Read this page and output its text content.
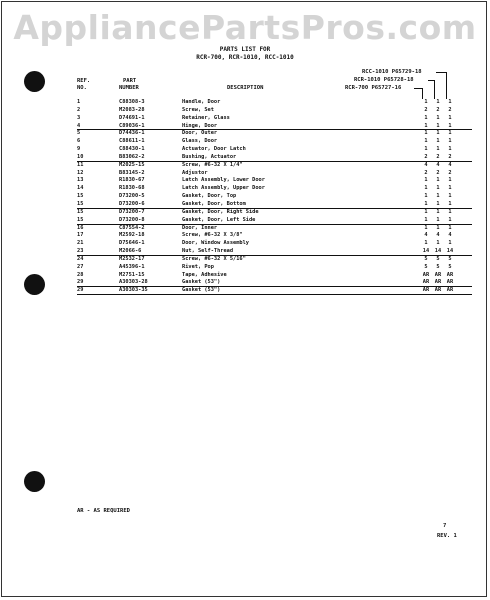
AppliancePartsPros.com
PARTS LIST FOR
RCR-700, RCR-1010, RCC-1010
RCC-1010 P65729-18
RCR-1010 P65728-18
RCR-700 P65727-16
REF.
NO.
PART
NUMBER	DESCRIPTION
1	C88308-3	Handle, Door	1	1	1
2	M2083-28	Screw, Set	2	2	2
3	D74691-1	Retainer, Glass	1	1	1
4	C89036-1	Hinge, Door	1	1	1
5	D74436-1	Door, Outer	1	1	1
6	C88611-1	Glass, Door	1	1	1
9	C88430-1	Actuator, Door Latch	1	1	1
10	B83062-2	Bushing, Actuator	2	2	2
11	M2025-15	Screw, #6-32 X 1/4"	4	4	4
12	B83145-2	Adjustor	2	2	2
13	R1830-67	Latch Assembly, Lower Door	1	1	1
14	R1830-68	Latch Assembly, Upper Door	1	1	1
15	D73200-5	Gasket, Door, Top	1	1	1
15	D73200-6	Gasket, Door, Bottom	1	1	1
15	D73200-7	Gasket, Door, Right Side	1	1	1
15	D73200-8	Gasket, Door, Left Side	1	1	1
16	C87554-2	Door, Inner	1	1	1
17	M2592-18	Screw, #6-32 X 3/8"	4	4	4
21	D75646-1	Door, Window Assembly	1	1	1
23	M2066-6	Nut, Self-Thread	14	14	14
24	M2532-17	Screw, #6-32 X 5/16"	5	5	5
27	A45396-1	Rivet, Pop	5	5	5
28	M2751-15	Tape, Adhesive	AR	AR	AR
29	A30303-28	Gasket (53")	AR	AR	AR
29	A30303-35	Gasket (53")	AR	AR	AR
AR - AS REQUIRED
7
REV. 1
